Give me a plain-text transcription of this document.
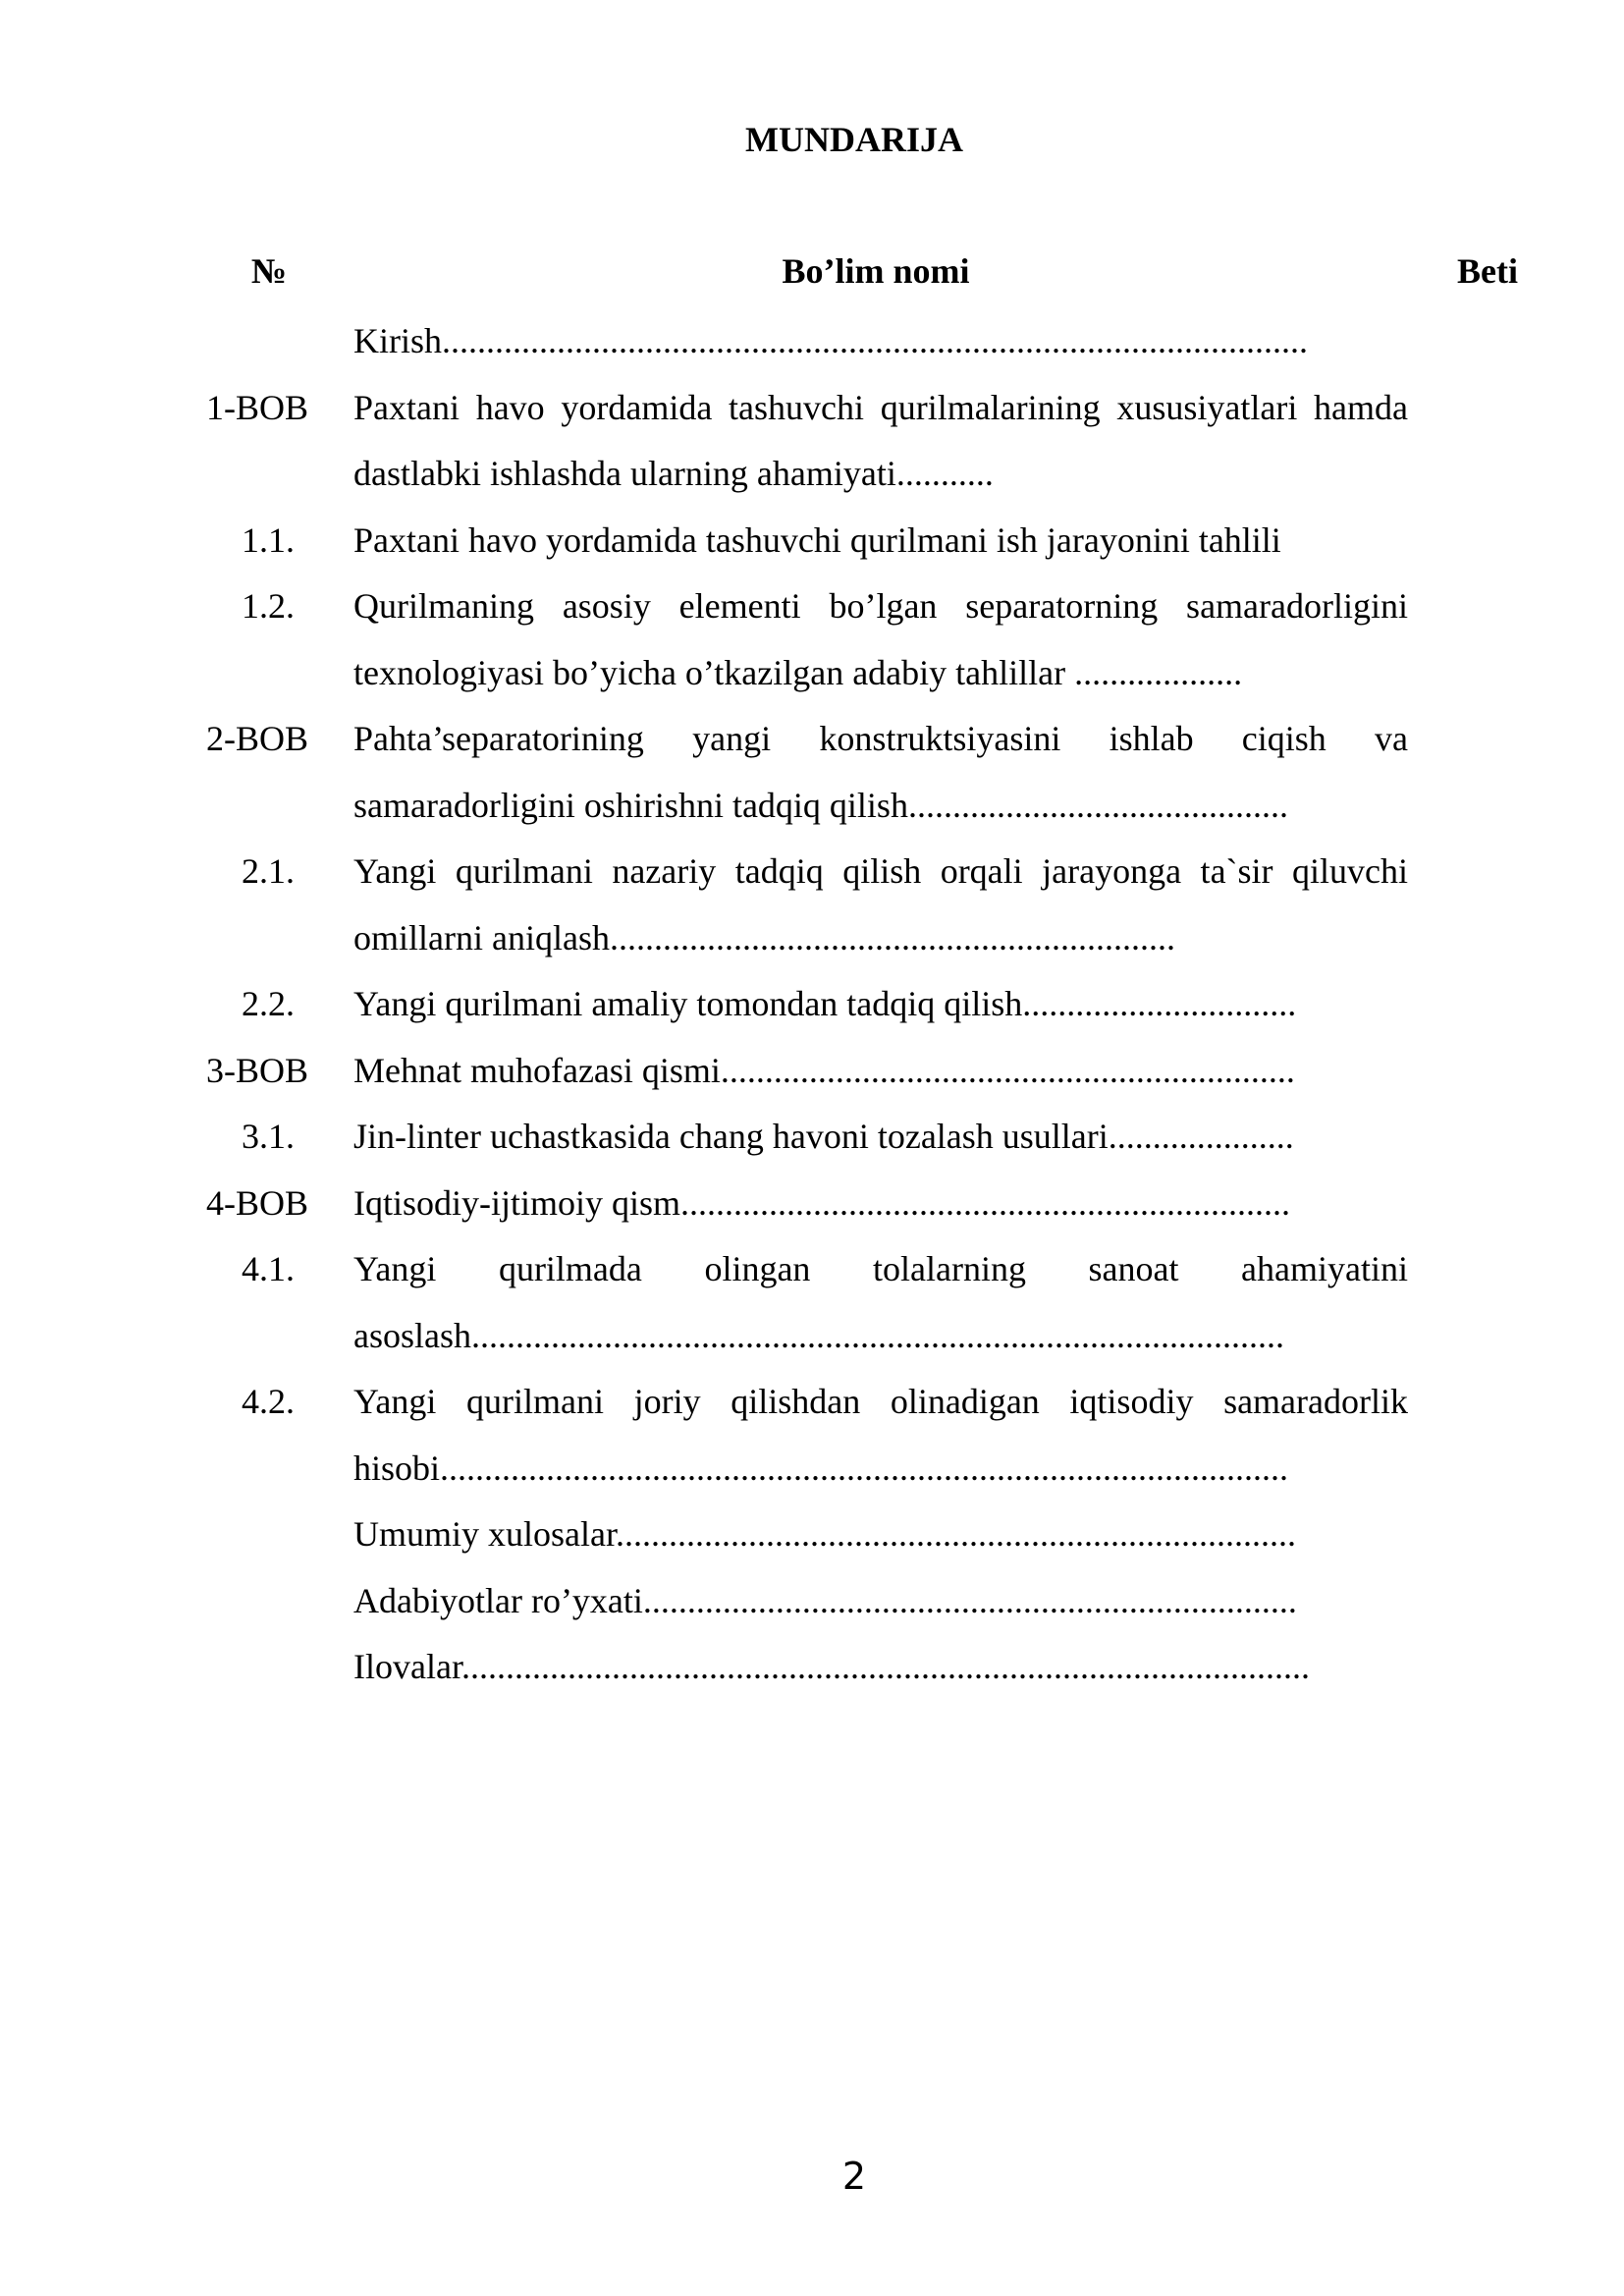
MUNDARIJA
№	Bo’lim nomi	Beti
Kirish..................................................................................................
1-BOB	Paxtani havo yordamida tashuvchi qurilmalarining xususiyatlari hamda dastlabki ishlashda ularning ahamiyati...........
1.1.	Paxtani havo yordamida tashuvchi qurilmani ish jarayonini tahlili
1.2.	Qurilmaning asosiy elementi bo’lgan separatorning samaradorligini texnologiyasi bo’yicha o’tkazilgan adabiy tahlillar ...................
2-BOB	Pahta’separatorining yangi konstruktsiyasini ishlab ciqish va samaradorligini oshirishni tadqiq qilish...........................................
2.1.	Yangi qurilmani nazariy tadqiq qilish orqali jarayonga ta`sir qiluvchi omillarni aniqlash................................................................
2.2.	Yangi qurilmani amaliy tomondan tadqiq qilish...............................
3-BOB	Mehnat muhofazasi qismi.................................................................
3.1.	Jin-linter uchastkasida chang havoni tozalash usullari.....................
4-BOB	Iqtisodiy-ijtimoiy qism.....................................................................
4.1.	Yangi qurilmada olingan tolalarning sanoat ahamiyatini asoslash............................................................................................
4.2.	Yangi qurilmani joriy qilishdan olinadigan iqtisodiy samaradorlik hisobi................................................................................................
Umumiy xulosalar.............................................................................
Adabiyotlar ro’yxati..........................................................................
Ilovalar................................................................................................
2
